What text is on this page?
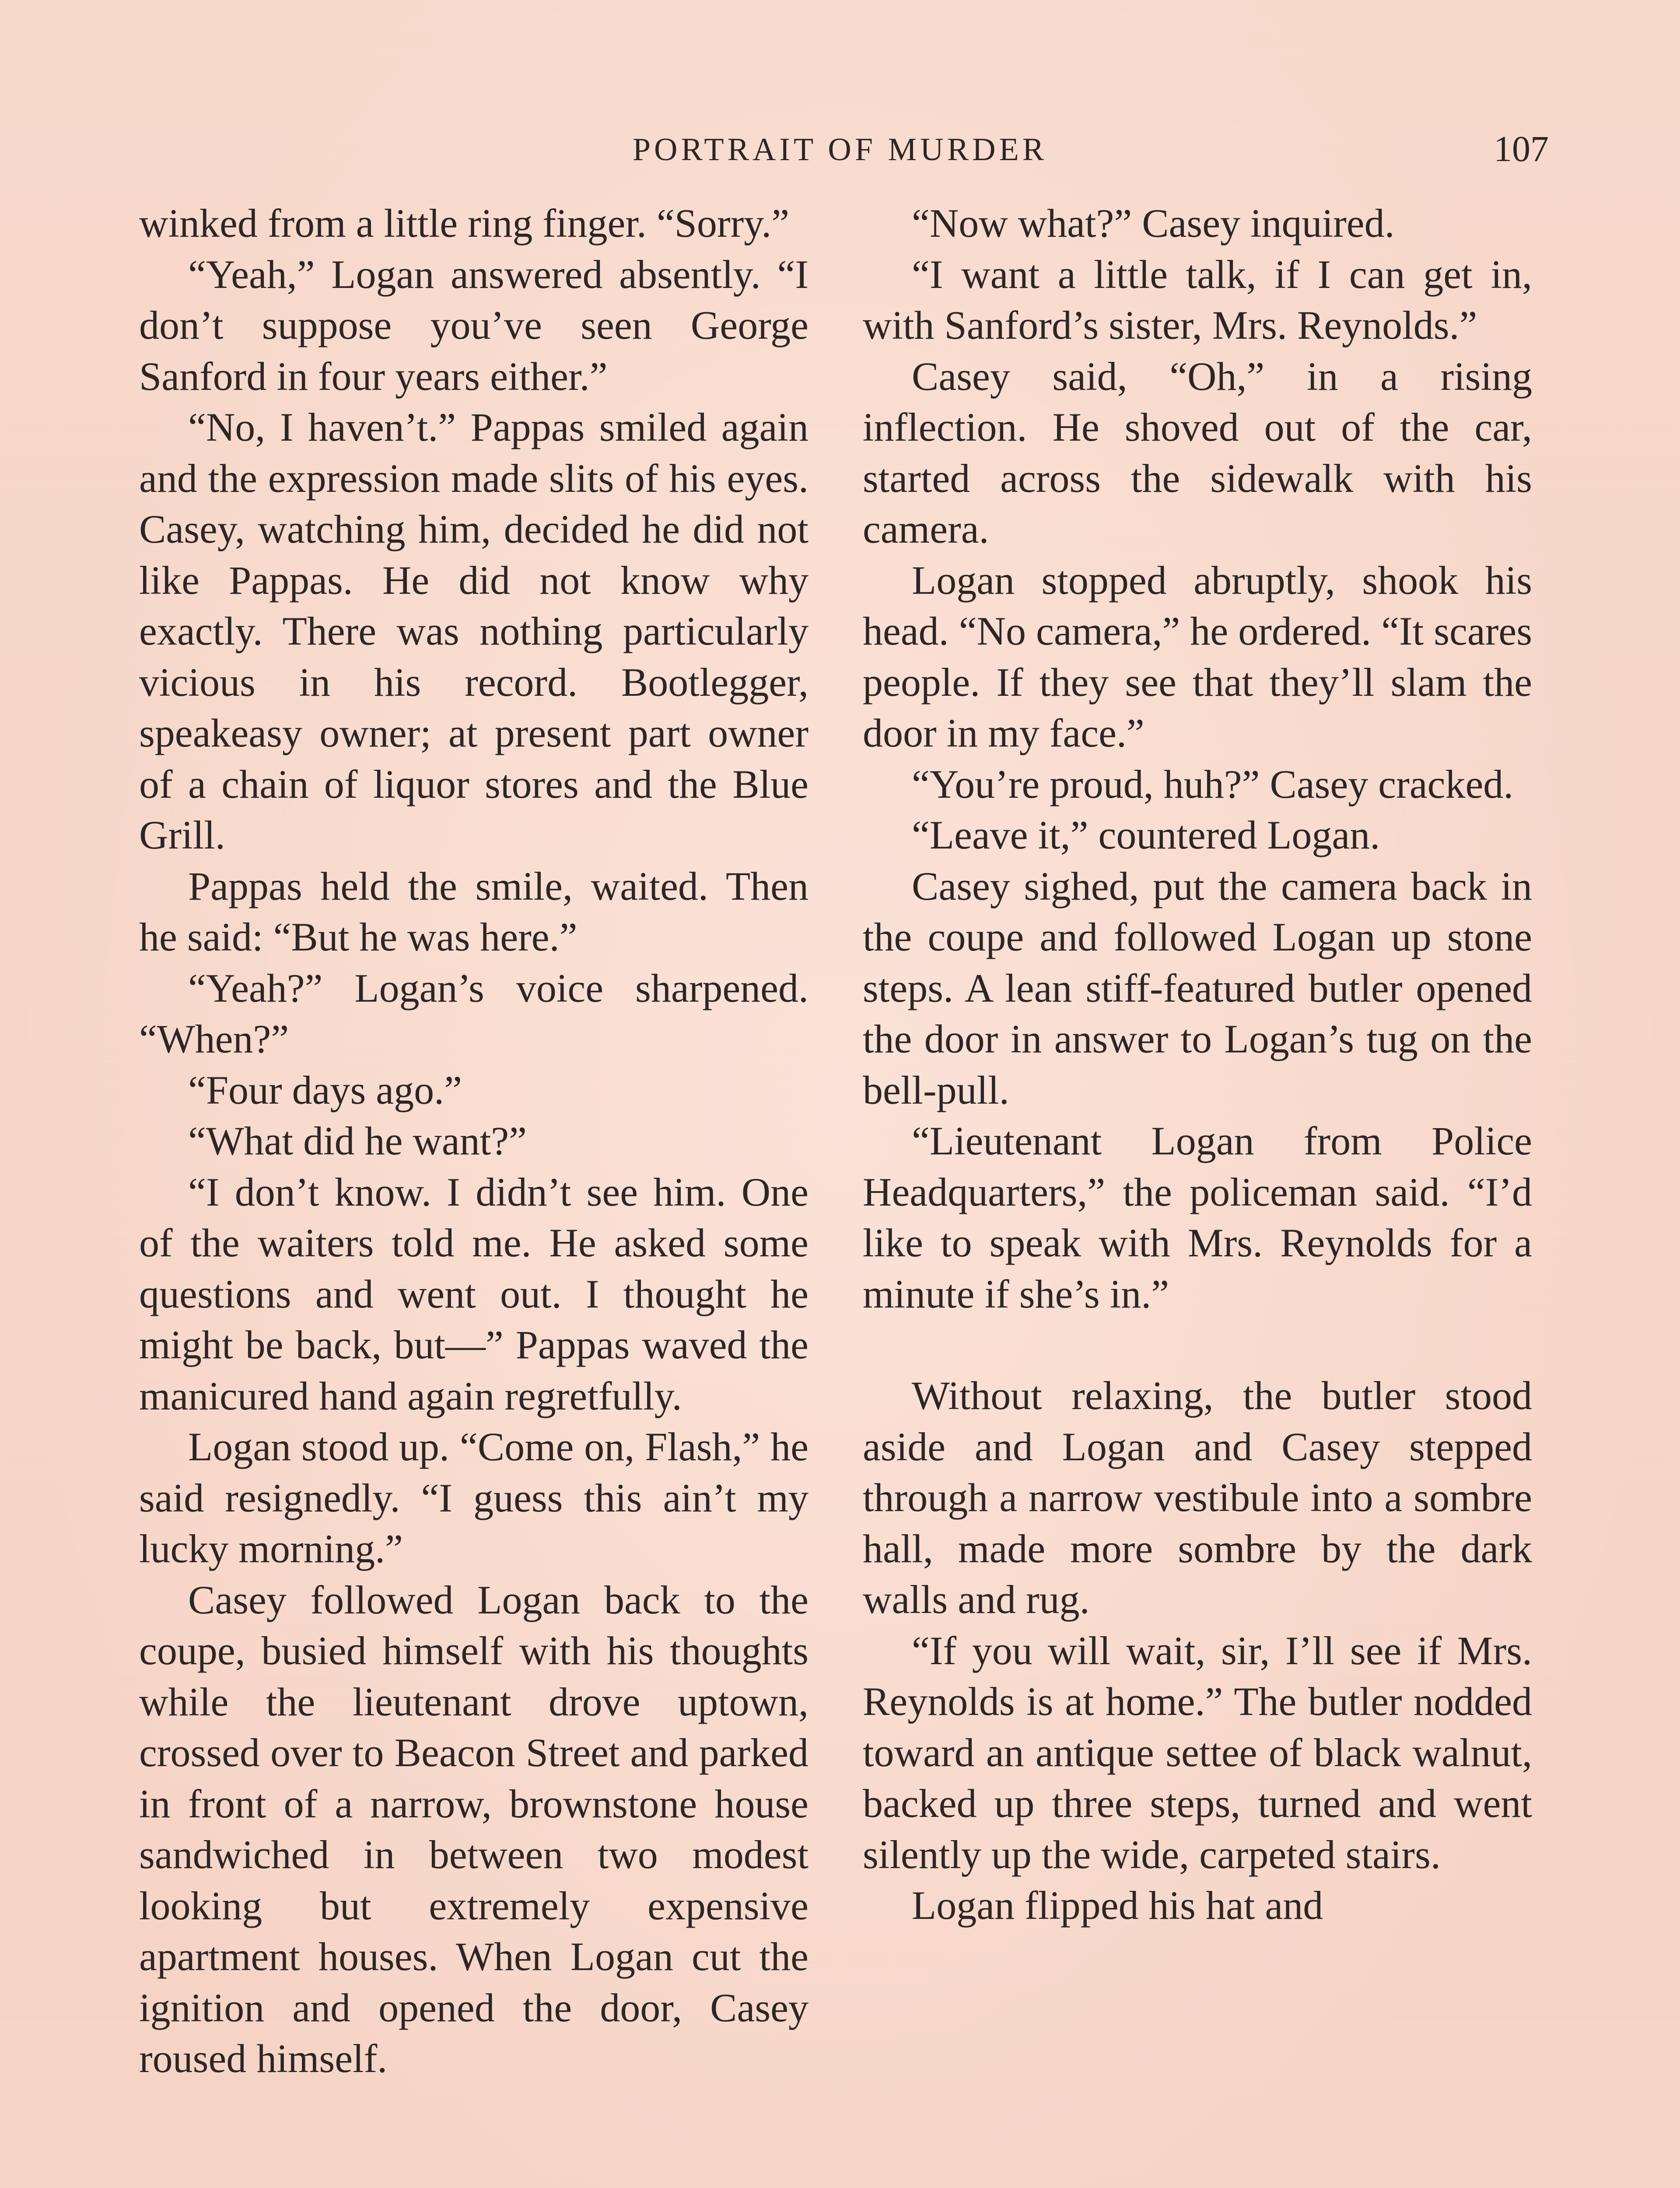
PORTRAIT OF MURDER	107

winked from a little ring finger. “Sorry.”

“Yeah,” Logan answered absently. “I don’t suppose you’ve seen George Sanford in four years either.”

“No, I haven’t.” Pappas smiled again and the expression made slits of his eyes. Casey, watching him, decided he did not like Pappas. He did not know why exactly. There was nothing particularly vicious in his record. Bootlegger, speakeasy owner; at present part owner of a chain of liquor stores and the Blue Grill.

Pappas held the smile, waited. Then he said: “But he was here.”

“Yeah?” Logan’s voice sharpened. “When?”

“Four days ago.”

“What did he want?”

“I don’t know. I didn’t see him. One of the waiters told me. He asked some questions and went out. I thought he might be back, but—” Pappas waved the manicured hand again regretfully.

Logan stood up. “Come on, Flash,” he said resignedly. “I guess this ain’t my lucky morning.”

Casey followed Logan back to the coupe, busied himself with his thoughts while the lieutenant drove uptown, crossed over to Beacon Street and parked in front of a narrow, brownstone house sandwiched in between two modest looking but extremely expensive apartment houses. When Logan cut the ignition and opened the door, Casey roused himself.

“Now what?” Casey inquired.

“I want a little talk, if I can get in, with Sanford’s sister, Mrs. Reynolds.”

Casey said, “Oh,” in a rising inflection. He shoved out of the car, started across the sidewalk with his camera.

Logan stopped abruptly, shook his head. “No camera,” he ordered. “It scares people. If they see that they’ll slam the door in my face.”

“You’re proud, huh?” Casey cracked.

“Leave it,” countered Logan.

Casey sighed, put the camera back in the coupe and followed Logan up stone steps. A lean stiff-featured butler opened the door in answer to Logan’s tug on the bell-pull.

“Lieutenant Logan from Police Headquarters,” the policeman said. “I’d like to speak with Mrs. Reynolds for a minute if she’s in.”

Without relaxing, the butler stood aside and Logan and Casey stepped through a narrow vestibule into a sombre hall, made more sombre by the dark walls and rug.

“If you will wait, sir, I’ll see if Mrs. Reynolds is at home.” The butler nodded toward an antique settee of black walnut, backed up three steps, turned and went silently up the wide, carpeted stairs.

Logan flipped his hat and
